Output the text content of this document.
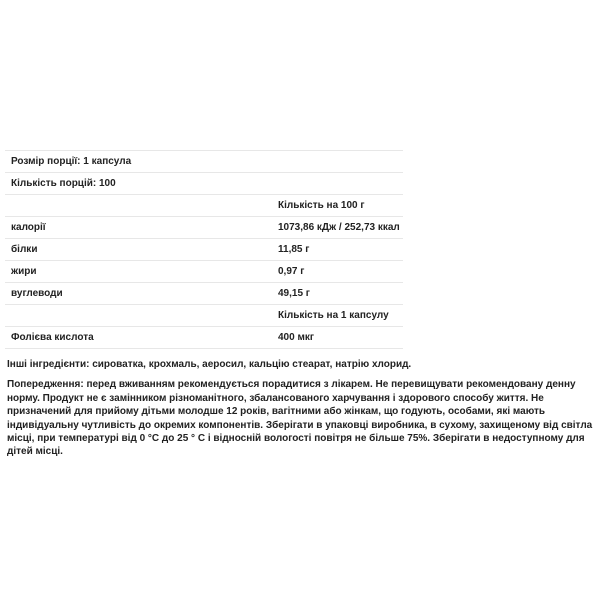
Розмір порції: 1 капсула
Кількість порцій: 100
Кількість на 100 г
калорії	1073,86 кДж / 252,73 ккал
білки	11,85 г
жири	0,97 г
вуглеводи	49,15 г
Кількість на 1 капсулу
Фолієва кислота	400 мкг

Інші інгредієнти: сироватка, крохмаль, аеросил, кальцію стеарат, натрію хлорид.

Попередження: перед вживанням рекомендується порадитися з лікарем. Не перевищувати рекомендовану денну норму. Продукт не є замінником різноманітного, збалансованого харчування і здорового способу життя. Не призначений для прийому дітьми молодше 12 років, вагітними або жінкам, що годують, особами, які мають індивідуальну чутливість до окремих компонентів. Зберігати в упаковці виробника, в сухому, захищеному від світла місці, при температурі від 0 °С до 25 ° С і відносній вологості повітря не більше 75%. Зберігати в недоступному для дітей місці.
